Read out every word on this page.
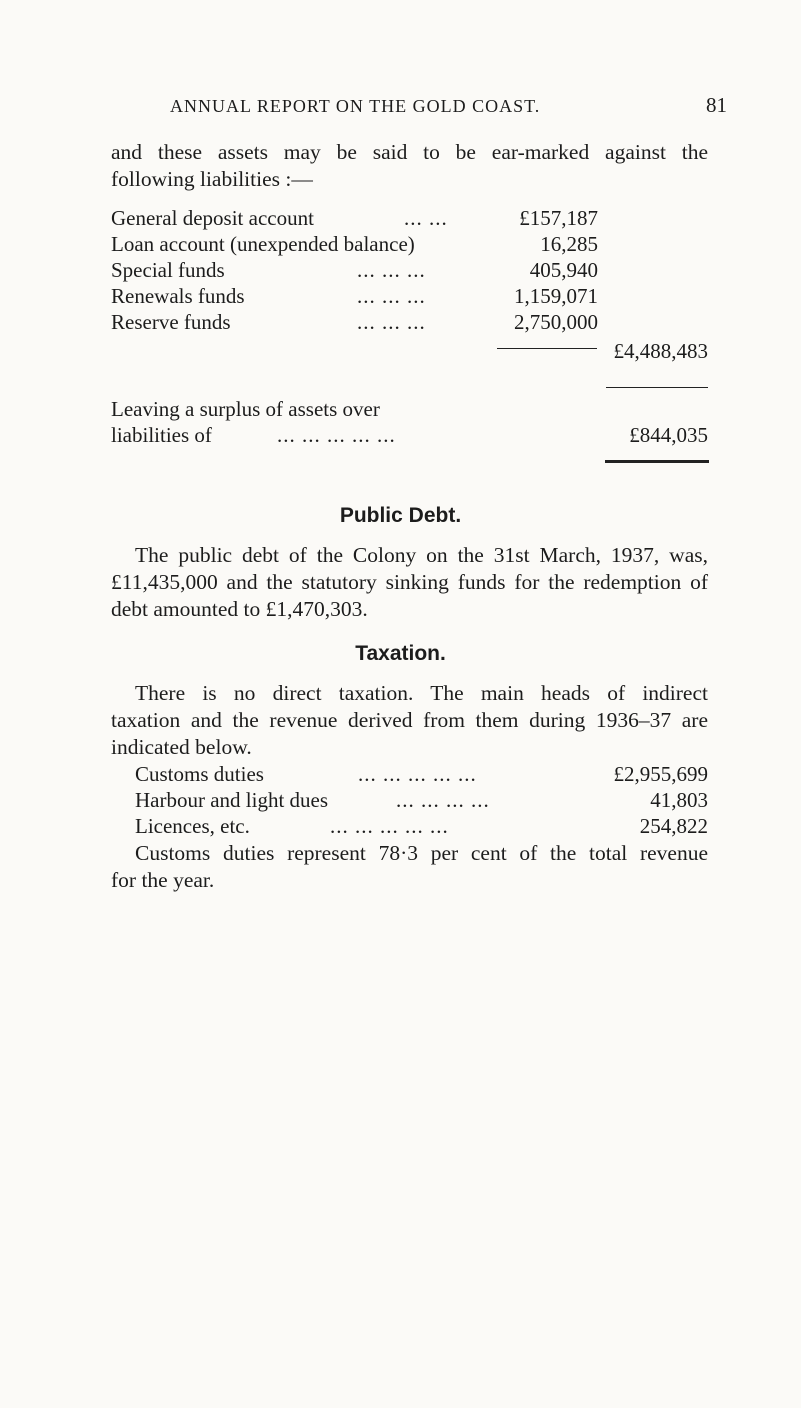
ANNUAL REPORT ON THE GOLD COAST.	81
and these assets may be said to be ear-marked against the
following liabilities :—
General deposit account	... ...	£157,187
Loan account (unexpended balance)	16,285
Special funds	... ... ...	405,940
Renewals funds	... ... ...	1,159,071
Reserve funds	... ... ...	2,750,000
£4,488,483
Leaving a surplus of assets over
liabilities of	... ... ... ... ...	£844,035
Public Debt.
The public debt of the Colony on the 31st March, 1937, was,
£11,435,000 and the statutory sinking funds for the redemption of
debt amounted to £1,470,303.
Taxation.
There is no direct taxation. The main heads of indirect
taxation and the revenue derived from them during 1936–37 are
indicated below.
Customs duties	... ... ... ... ...	£2,955,699
Harbour and light dues	... ... ... ...	41,803
Licences, etc.	... ... ... ... ...	254,822
Customs duties represent 78·3 per cent of the total revenue
for the year.
